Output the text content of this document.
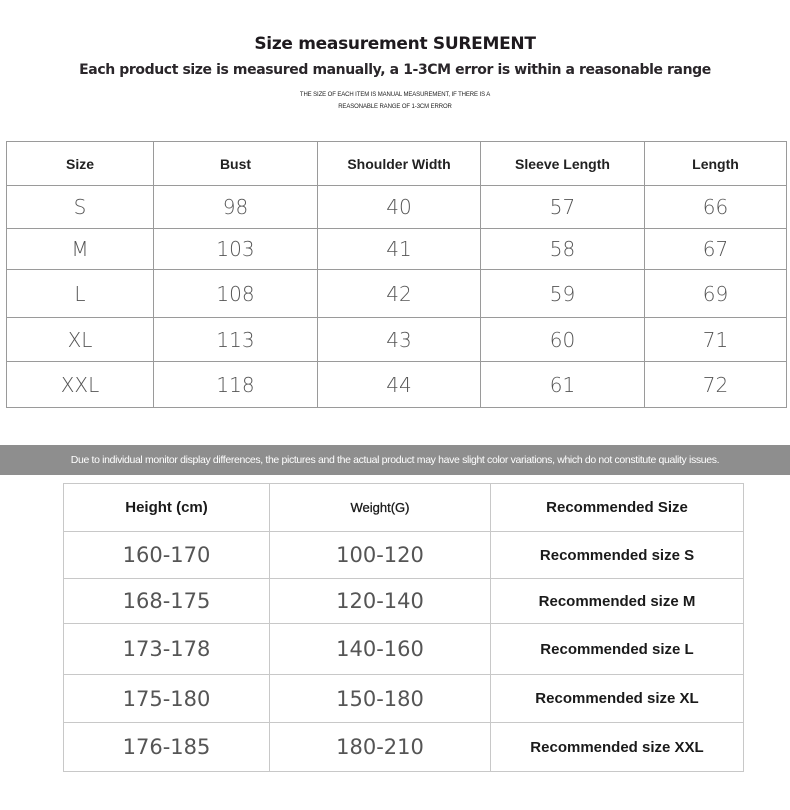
Size measurement SUREMENT
Each product size is measured manually, a 1-3CM error is within a reasonable range
THE SIZE OF EACH ITEM IS MANUAL MEASUREMENT, IF THERE IS A
REASONABLE RANGE OF 1-3CM ERROR
Size	Bust	Shoulder Width	Sleeve Length	Length
S	98	40	57	66
M	103	41	58	67
L	108	42	59	69
XL	113	43	60	71
XXL	118	44	61	72
Due to individual monitor display differences, the pictures and the actual product may have slight color variations, which do not constitute quality issues.
Height (cm)	Weight(G)	Recommended Size
160-170	100-120	Recommended size S
168-175	120-140	Recommended size M
173-178	140-160	Recommended size L
175-180	150-180	Recommended size XL
176-185	180-210	Recommended size XXL
